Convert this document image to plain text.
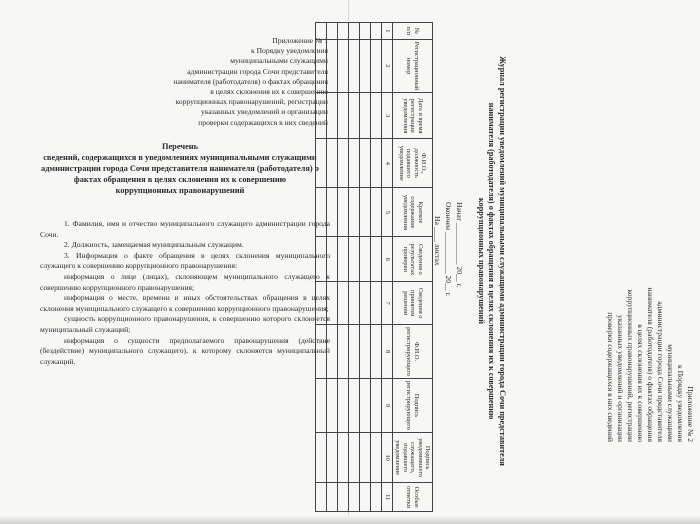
Приложение № 1
к Порядку уведомления
муниципальными служащими
администрации города Сочи представителя
нанимателя (работодателя) о фактах обращения
в целях склонения их к совершению
коррупционных правонарушений, регистрации
указанных уведомлений и организации
проверки содержащихся в них сведений
Перечень
сведений, содержащихся в уведомлениях муниципальными служащими
администрации города Сочи представителя нанимателя (работодателя) о
фактах обращения в целях склонения их к совершению
коррупционных правонарушений

1. Фамилия, имя и отчество муниципального служащего администрации города Сочи.

2. Должность, замещаемая муниципальным служащим.

3. Информация о факте обращения в целях склонения муниципального служащего к совершению коррупционного правонарушения:

информация о лице (лицах), склоняющем муниципального служащего к совершению коррупционного правонарушения;

информация о месте, времени и иных обстоятельствах обращения в целях склонения муниципального служащего к совершению коррупционного правонарушения;

сущность коррупционного правонарушения, к совершению которого склоняется муниципальный служащий;

информация о сущности предполагаемого правонарушения (действие (бездействие) муниципального служащего), к которому склоняется муниципальный служащий.

Приложение № 2
к Порядку уведомления
муниципальными служащими
администрации города Сочи представителя
нанимателя (работодателя) о фактах обращения
в целях склонения их к совершению
коррупционных правонарушений, регистрации
указанных уведомлений и организации
проверки содержащихся в них сведений
Журнал регистрации уведомлений муниципальными служащими администрации города Сочи представителя
нанимателя (работодателя) о фактах обращения в целях склонения их к совершению
коррупционных правонарушений
Начат ___________ 20__ г.
Окончен ___________ 20__ г.
На ____ листах
№ п/п	Регистрационный номер	Дата и время регистрации уведомления	Ф.И.О., должность подавшего уведомление	Краткое содержание уведомления	Сведения о результатах проверки	Сведения о принятом решении	Ф.И.О. регистрирующего	Подпись регистрирующего	Подпись уведомившего служащего, подавшего уведомление	Особые отметки
1	2	3	4	5	6	7	8	9	10	11
